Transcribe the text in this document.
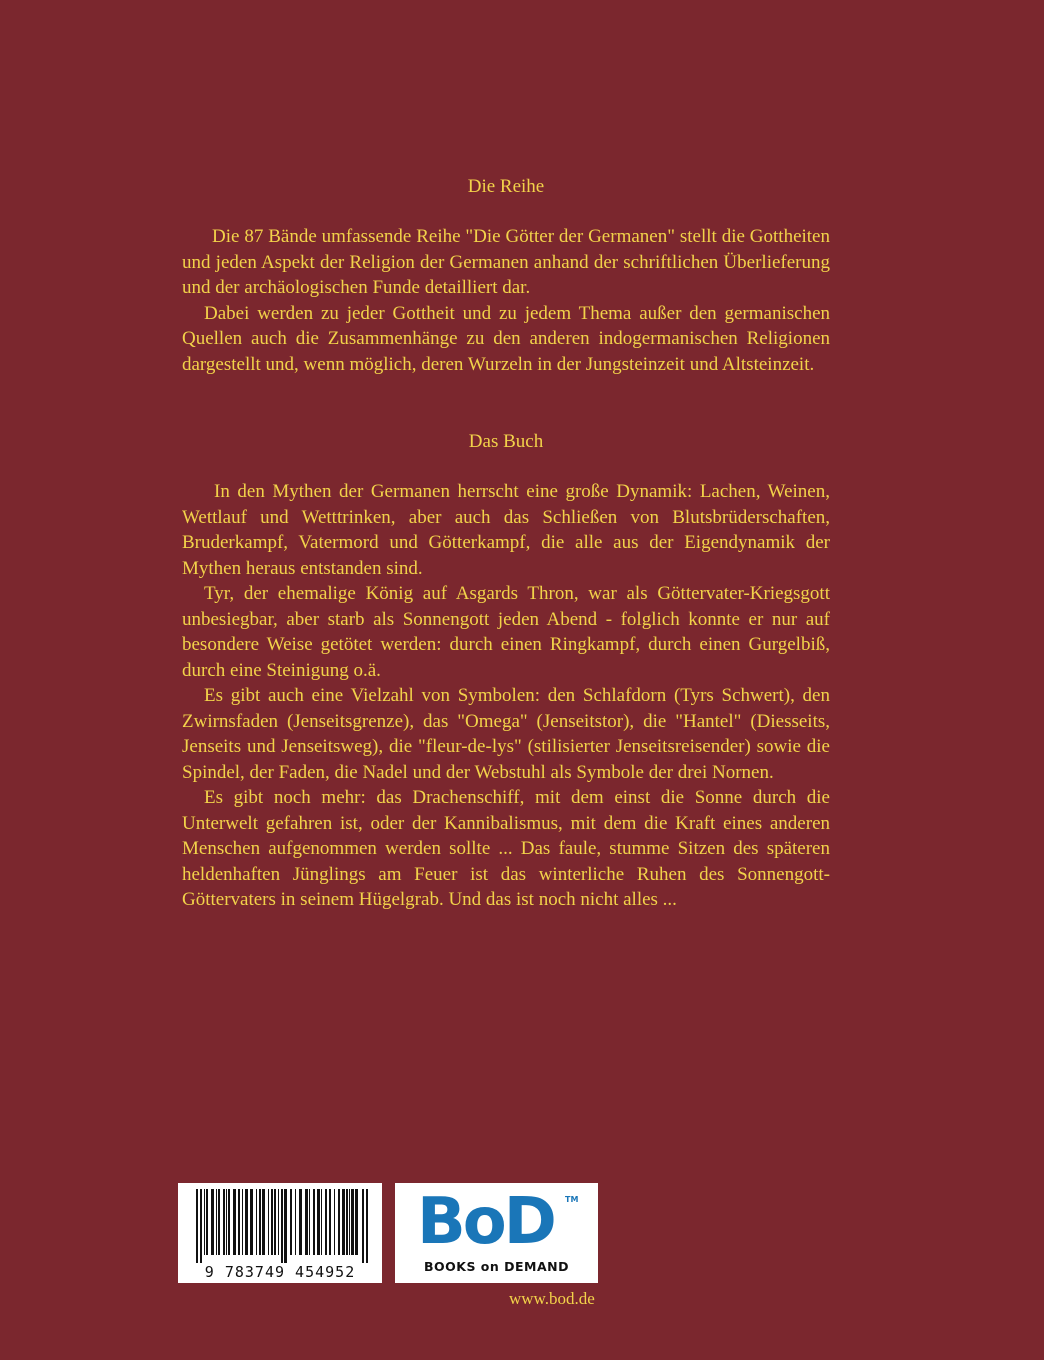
Die Reihe

Die 87 Bände umfassende Reihe "Die Götter der Germanen" stellt die Gottheiten und jeden Aspekt der Religion der Germanen anhand der schriftlichen Überlieferung und der archäologischen Funde detailliert dar.

Dabei werden zu jeder Gottheit und zu jedem Thema außer den germanischen Quellen auch die Zusammenhänge zu den anderen indogermanischen Religionen dargestellt und, wenn möglich, deren Wurzeln in der Jungsteinzeit und Altsteinzeit.

Das Buch

In den Mythen der Germanen herrscht eine große Dynamik: Lachen, Weinen, Wettlauf und Wetttrinken, aber auch das Schließen von Blutsbrüderschaften, Bruderkampf, Vatermord und Götterkampf, die alle aus der Eigendynamik der Mythen heraus entstanden sind.

Tyr, der ehemalige König auf Asgards Thron, war als Göttervater-Kriegsgott unbesiegbar, aber starb als Sonnengott jeden Abend - folglich konnte er nur auf besondere Weise getötet werden: durch einen Ringkampf, durch einen Gurgelbiß, durch eine Steinigung o.ä.

Es gibt auch eine Vielzahl von Symbolen: den Schlafdorn (Tyrs Schwert), den Zwirnsfaden (Jenseitsgrenze), das "Omega" (Jenseitstor), die "Hantel" (Diesseits, Jenseits und Jenseitsweg), die "fleur-de-lys" (stilisierter Jenseitsreisender) sowie die Spindel, der Faden, die Nadel und der Webstuhl als Symbole der drei Nornen.

Es gibt noch mehr: das Drachenschiff, mit dem einst die Sonne durch die Unterwelt gefahren ist, oder der Kannibalismus, mit dem die Kraft eines anderen Menschen aufgenommen werden sollte ... Das faule, stumme Sitzen des späteren heldenhaften Jünglings am Feuer ist das winterliche Ruhen des Sonnengott-Göttervaters in seinem Hügelgrab. Und das ist noch nicht alles ...

9 783749 454952
BoD TM
BOOKS on DEMAND
www.bod.de
